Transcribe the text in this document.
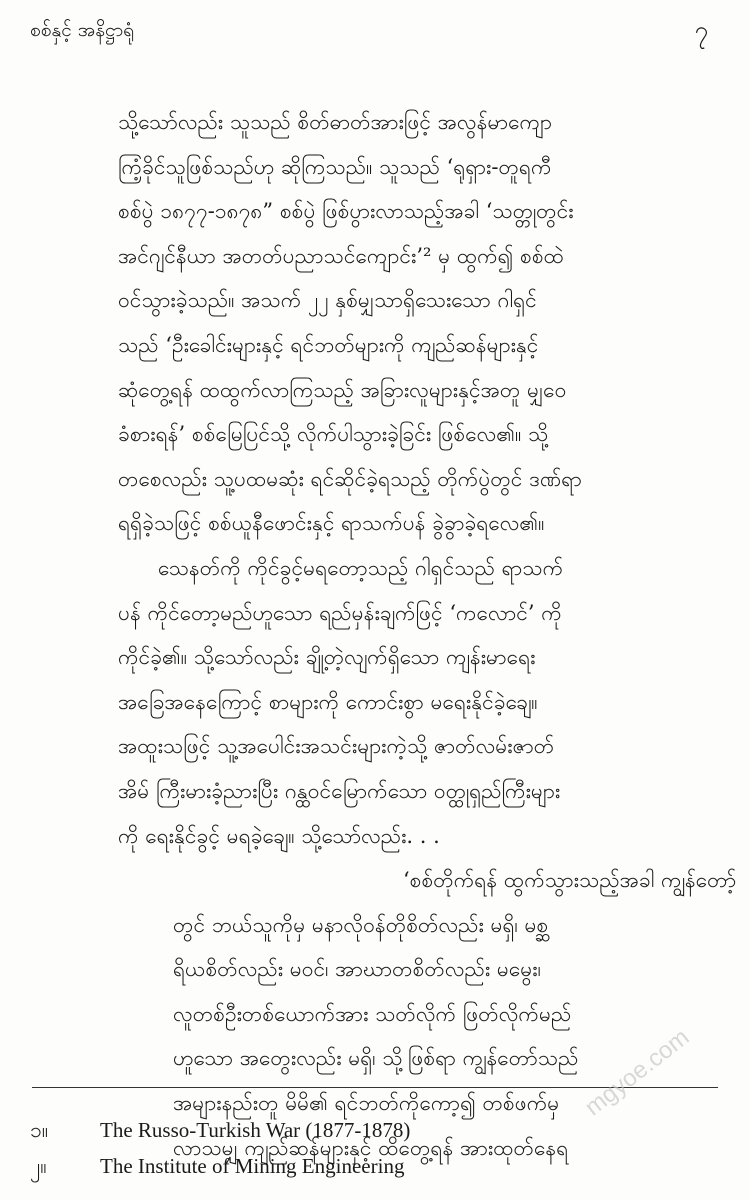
စစ်နှင့် အနိဋ္ဌာရုံ	၇
သို့သော်လည်း သူသည် စိတ်ဓာတ်အားဖြင့် အလွန်မာကျော
ကြံ့ခိုင်သူဖြစ်သည်ဟု ဆိုကြသည်။ သူသည် ‘ရုရှား-တူရကီ
စစ်ပွဲ ၁၈၇၇-၁၈၇၈” စစ်ပွဲ ဖြစ်ပွားလာသည့်အခါ ‘သတ္တုတွင်း
အင်ဂျင်နီယာ အတတ်ပညာသင်ကျောင်း’² မှ ထွက်၍ စစ်ထဲ
ဝင်သွားခဲ့သည်။ အသက် ၂၂ နှစ်မျှသာရှိသေးသော ဂါရှင်
သည် ‘ဦးခေါင်းများနှင့် ရင်ဘတ်များကို ကျည်ဆန်များနှင့်
ဆုံတွေ့ရန် ထထွက်လာကြသည့် အခြားလူများနှင့်အတူ မျှဝေ
ခံစားရန်’ စစ်မြေပြင်သို့ လိုက်ပါသွားခဲ့ခြင်း ဖြစ်လေ၏။ သို့
တစေလည်း သူ့ပထမဆုံး ရင်ဆိုင်ခဲ့ရသည့် တိုက်ပွဲတွင် ဒဏ်ရာ
ရရှိခဲ့သဖြင့် စစ်ယူနီဖောင်းနှင့် ရာသက်ပန် ခွဲခွာခဲ့ရလေ၏။
သေနတ်ကို ကိုင်ခွင့်မရတော့သည့် ဂါရှင်သည် ရာသက်
ပန် ကိုင်တော့မည်ဟူသော ရည်မှန်းချက်ဖြင့် ‘ကလောင်’ ကို
ကိုင်ခဲ့၏။ သို့သော်လည်း ချို့တဲ့လျက်ရှိသော ကျန်းမာရေး
အခြေအနေကြောင့် စာများကို ကောင်းစွာ မရေးနိုင်ခဲ့ချေ။
အထူးသဖြင့် သူ့အပေါင်းအသင်းများကဲ့သို့ ဇာတ်လမ်းဇာတ်
အိမ် ကြီးမားခံ့ညားပြီး ဂန္ထဝင်မြောက်သော ဝတ္ထုရှည်ကြီးများ
ကို ရေးနိုင်ခွင့် မရခဲ့ချေ။ သို့သော်လည်း. . .
‘စစ်တိုက်ရန် ထွက်သွားသည့်အခါ ကျွန်တော့်
တွင် ဘယ်သူကိုမှ မနာလိုဝန်တိုစိတ်လည်း မရှိ၊ မစ္ဆ
ရိယစိတ်လည်း မဝင်၊ အာဃာတစိတ်လည်း မမွေး၊
လူတစ်ဦးတစ်ယောက်အား သတ်လိုက် ဖြတ်လိုက်မည်
ဟူသော အတွေးလည်း မရှိ၊ သို့ဖြစ်ရာ ကျွန်တော်သည်
အများနည်းတူ မိမိ၏ ရင်ဘတ်ကိုကော့၍ တစ်ဖက်မှ
လာသမျှ ကျည်ဆန်များနှင့် ထိတွေ့ရန် အားထုတ်နေရ
၁။ The Russo-Turkish War (1877-1878)
၂။	The Institute of Mining Engineering
mgyoe.com
